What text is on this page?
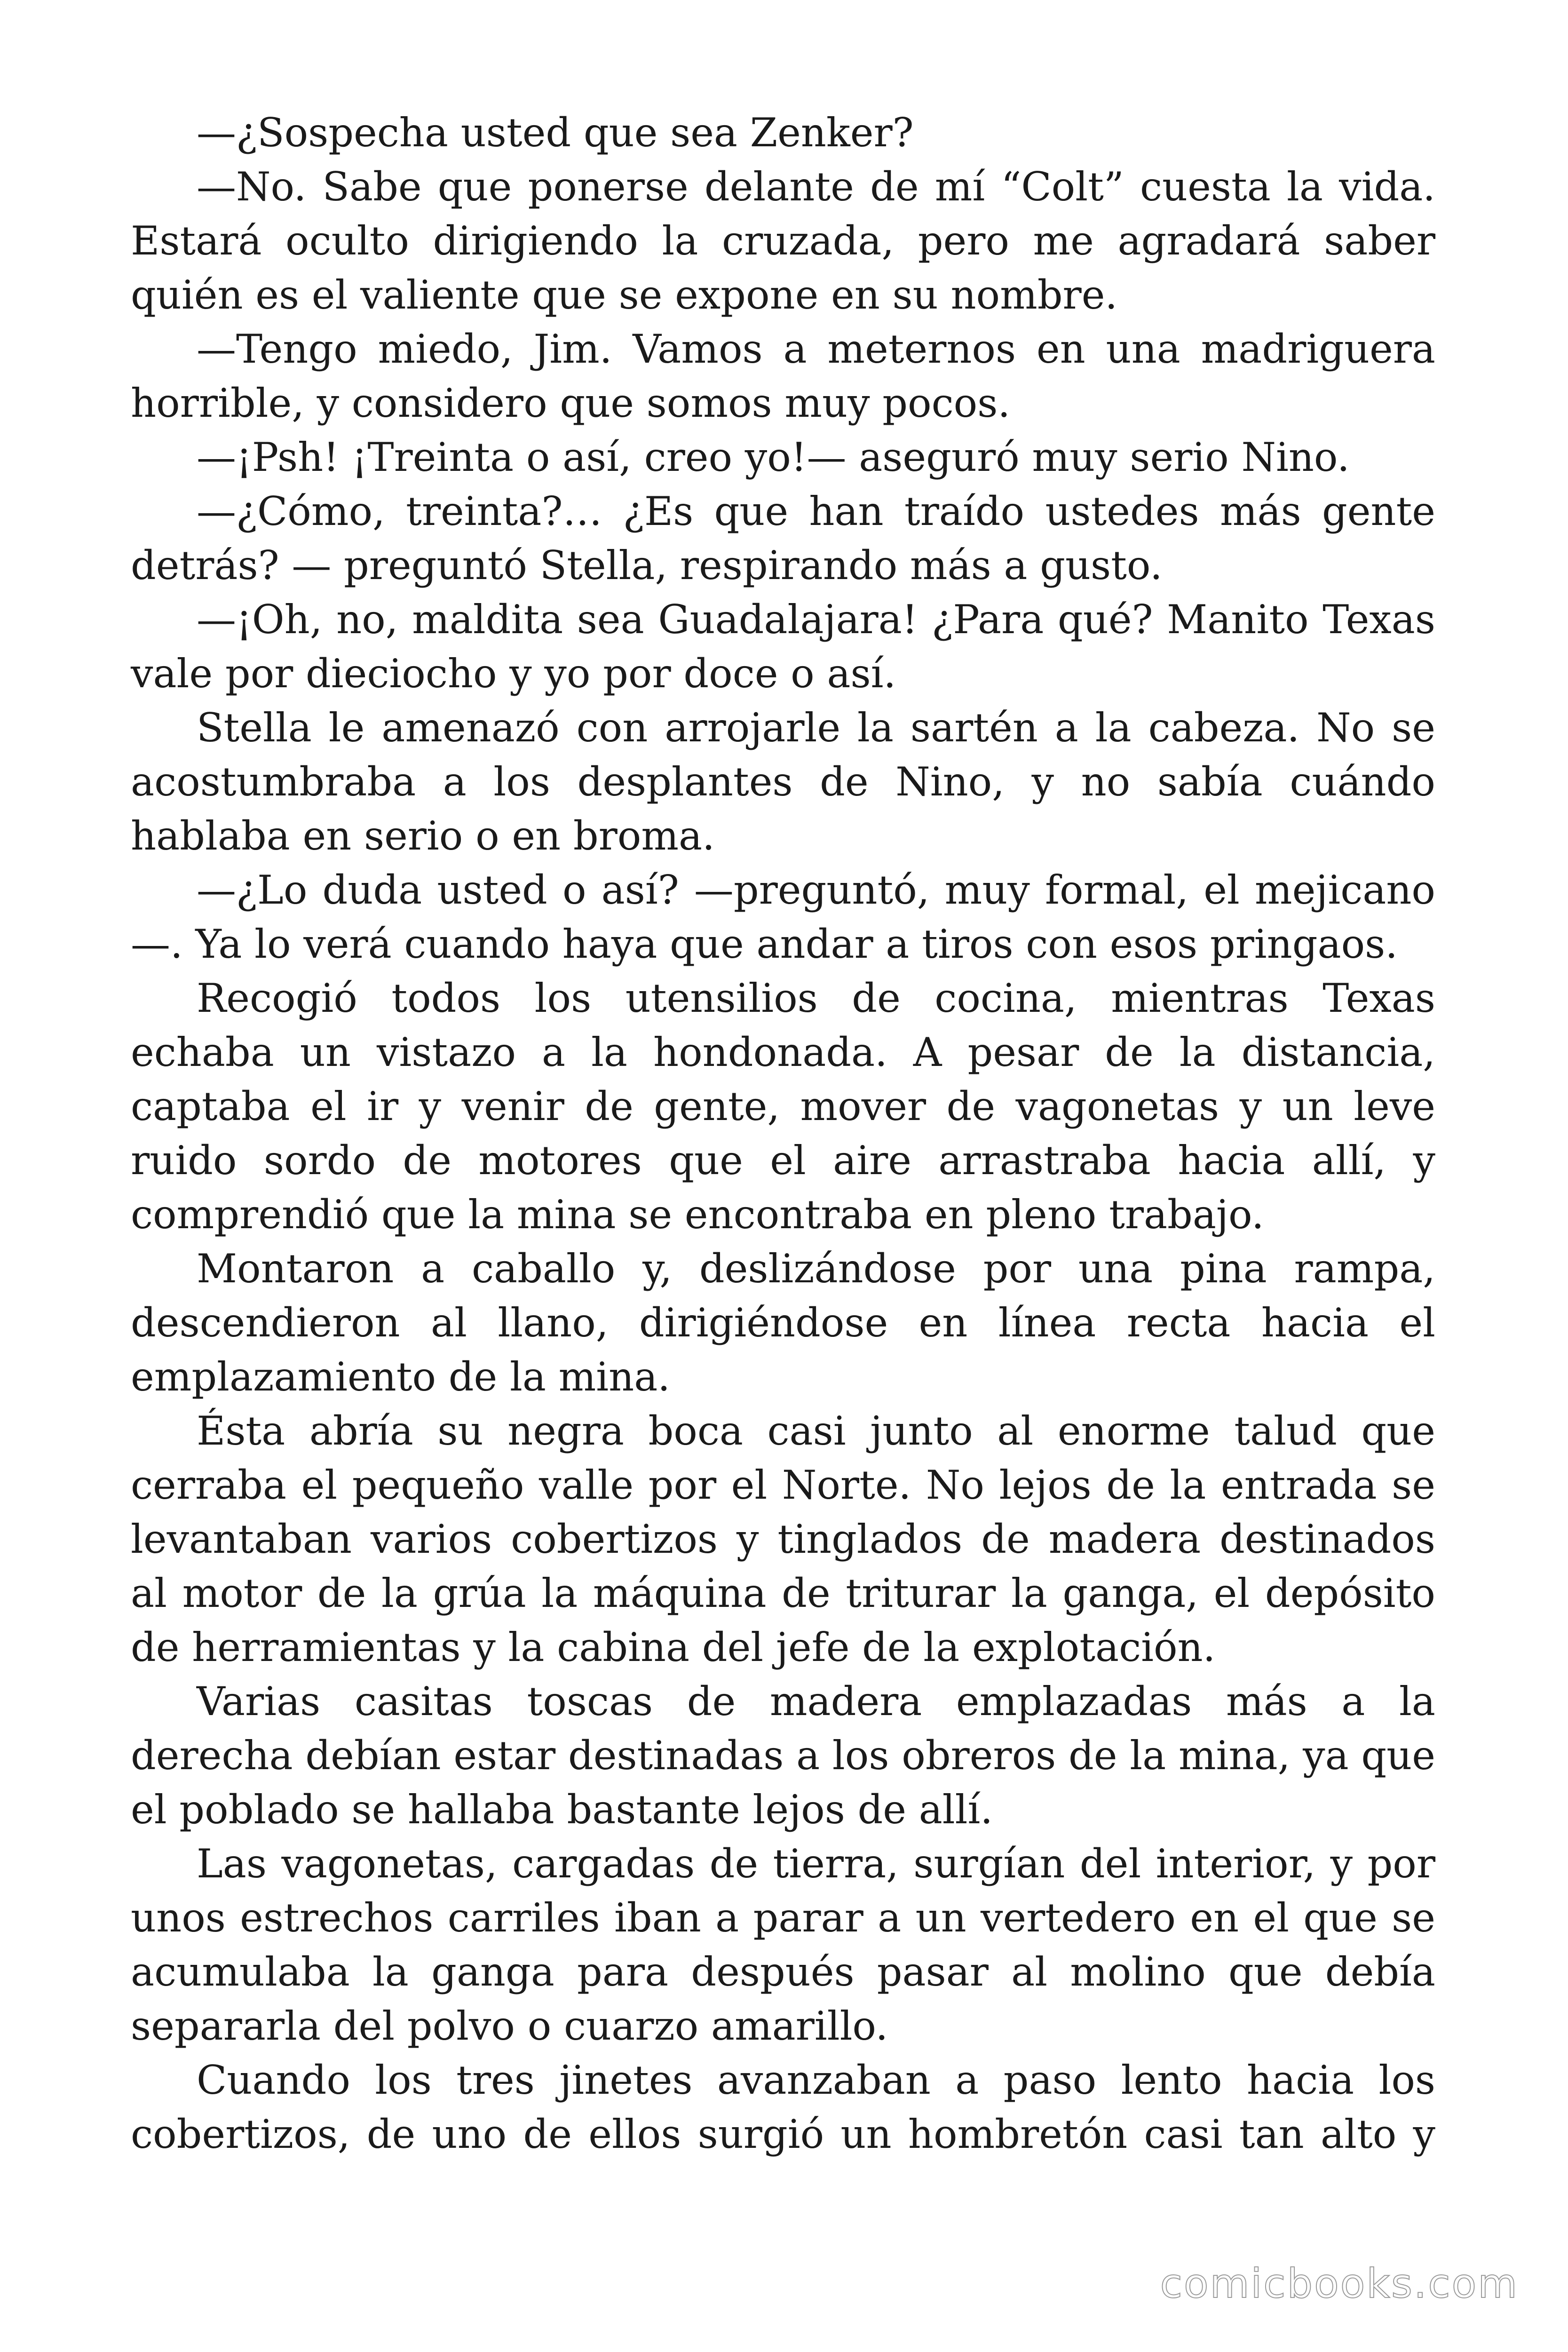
—¿Sospecha usted que sea Zenker?

—No. Sabe que ponerse delante de mí “Colt” cuesta la vida. Estará oculto dirigiendo la cruzada, pero me agradará saber quién es el valiente que se expone en su nombre.

—Tengo miedo, Jim. Vamos a meternos en una madriguera horrible, y considero que somos muy pocos.

—¡Psh! ¡Treinta o así, creo yo!— aseguró muy serio Nino.

—¿Cómo, treinta?… ¿Es que han traído ustedes más gente detrás? — preguntó Stella, respirando más a gusto.

—¡Oh, no, maldita sea Guadalajara! ¿Para qué? Manito Texas vale por dieciocho y yo por doce o así.

Stella le amenazó con arrojarle la sartén a la cabeza. No se acostumbraba a los desplantes de Nino, y no sabía cuándo hablaba en serio o en broma.

—¿Lo duda usted o así? —preguntó, muy formal, el mejicano—. Ya lo verá cuando haya que andar a tiros con esos pringaos.

Recogió todos los utensilios de cocina, mientras Texas echaba un vistazo a la hondonada. A pesar de la distancia, captaba el ir y venir de gente, mover de vagonetas y un leve ruido sordo de motores que el aire arrastraba hacia allí, y comprendió que la mina se encontraba en pleno trabajo.

Montaron a caballo y, deslizándose por una pina rampa, descendieron al llano, dirigiéndose en línea recta hacia el emplazamiento de la mina.

Ésta abría su negra boca casi junto al enorme talud que cerraba el pequeño valle por el Norte. No lejos de la entrada se levantaban varios cobertizos y tinglados de madera destinados al motor de la grúa la máquina de triturar la ganga, el depósito de herramientas y la cabina del jefe de la explotación.

Varias casitas toscas de madera emplazadas más a la derecha debían estar destinadas a los obreros de la mina, ya que el poblado se hallaba bastante lejos de allí.

Las vagonetas, cargadas de tierra, surgían del interior, y por unos estrechos carriles iban a parar a un vertedero en el que se acumulaba la ganga para después pasar al molino que debía separarla del polvo o cuarzo amarillo.

Cuando los tres jinetes avanzaban a paso lento hacia los cobertizos, de uno de ellos surgió un hombretón casi tan alto y

comicbooks.com
